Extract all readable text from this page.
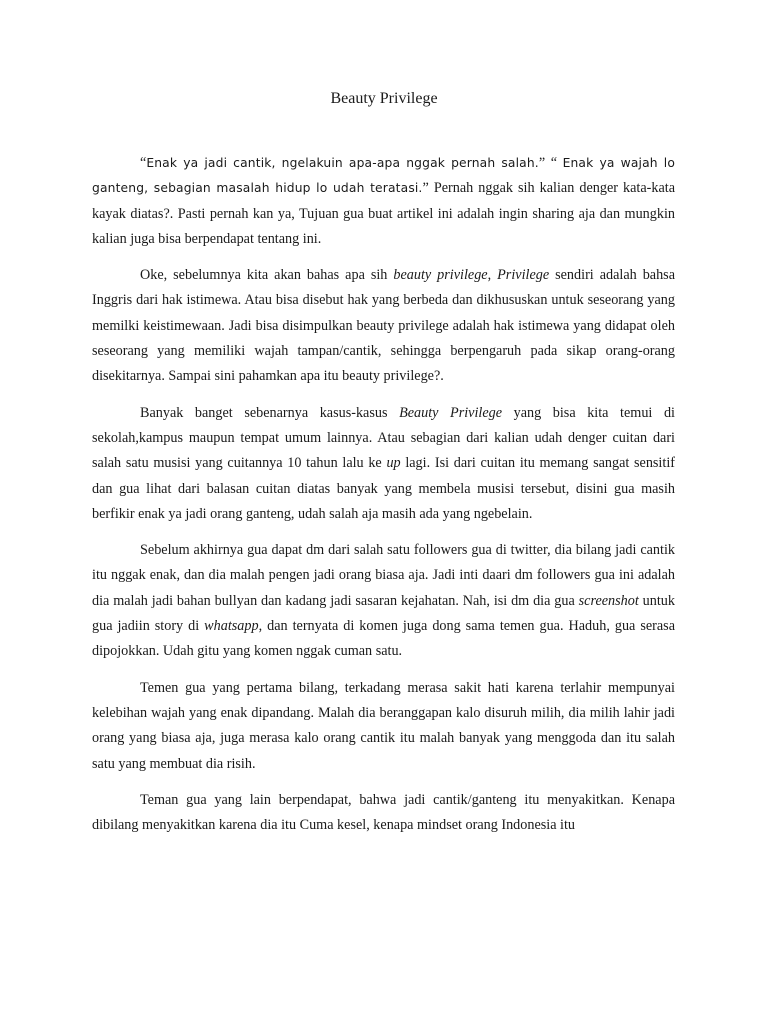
Beauty Privilege

“Enak ya jadi cantik, ngelakuin apa-apa nggak pernah salah.” “ Enak ya wajah lo ganteng, sebagian masalah hidup lo udah teratasi.” Pernah nggak sih kalian denger kata-kata kayak diatas?. Pasti pernah kan ya, Tujuan gua buat artikel ini adalah ingin sharing aja dan mungkin kalian juga bisa berpendapat tentang ini.

Oke, sebelumnya kita akan bahas apa sih beauty privilege, Privilege sendiri adalah bahsa Inggris dari hak istimewa. Atau bisa disebut hak yang berbeda dan dikhususkan untuk seseorang yang memilki keistimewaan. Jadi bisa disimpulkan beauty privilege adalah hak istimewa yang didapat oleh seseorang yang memiliki wajah tampan/cantik, sehingga berpengaruh pada sikap orang-orang disekitarnya. Sampai sini pahamkan apa itu beauty privilege?.

Banyak banget sebenarnya kasus-kasus Beauty Privilege yang bisa kita temui di sekolah,kampus maupun tempat umum lainnya. Atau sebagian dari kalian udah denger cuitan dari salah satu musisi yang cuitannya 10 tahun lalu ke up lagi. Isi dari cuitan itu memang sangat sensitif dan gua lihat dari balasan cuitan diatas banyak yang membela musisi tersebut, disini gua masih berfikir enak ya jadi orang ganteng, udah salah aja masih ada yang ngebelain.

Sebelum akhirnya gua dapat dm dari salah satu followers gua di twitter, dia bilang jadi cantik itu nggak enak, dan dia malah pengen jadi orang biasa aja. Jadi inti daari dm followers gua ini adalah dia malah jadi bahan bullyan dan kadang jadi sasaran kejahatan. Nah, isi dm dia gua screenshot untuk gua jadiin story di whatsapp, dan ternyata di komen juga dong sama temen gua. Haduh, gua serasa dipojokkan. Udah gitu yang komen nggak cuman satu.

Temen gua yang pertama bilang, terkadang merasa sakit hati karena terlahir mempunyai kelebihan wajah yang enak dipandang. Malah dia beranggapan kalo disuruh milih, dia milih lahir jadi orang yang biasa aja, juga merasa kalo orang cantik itu malah banyak yang menggoda dan itu salah satu yang membuat dia risih.

Teman gua yang lain berpendapat, bahwa jadi cantik/ganteng itu menyakitkan. Kenapa dibilang menyakitkan karena dia itu Cuma kesel, kenapa mindset orang Indonesia itu
